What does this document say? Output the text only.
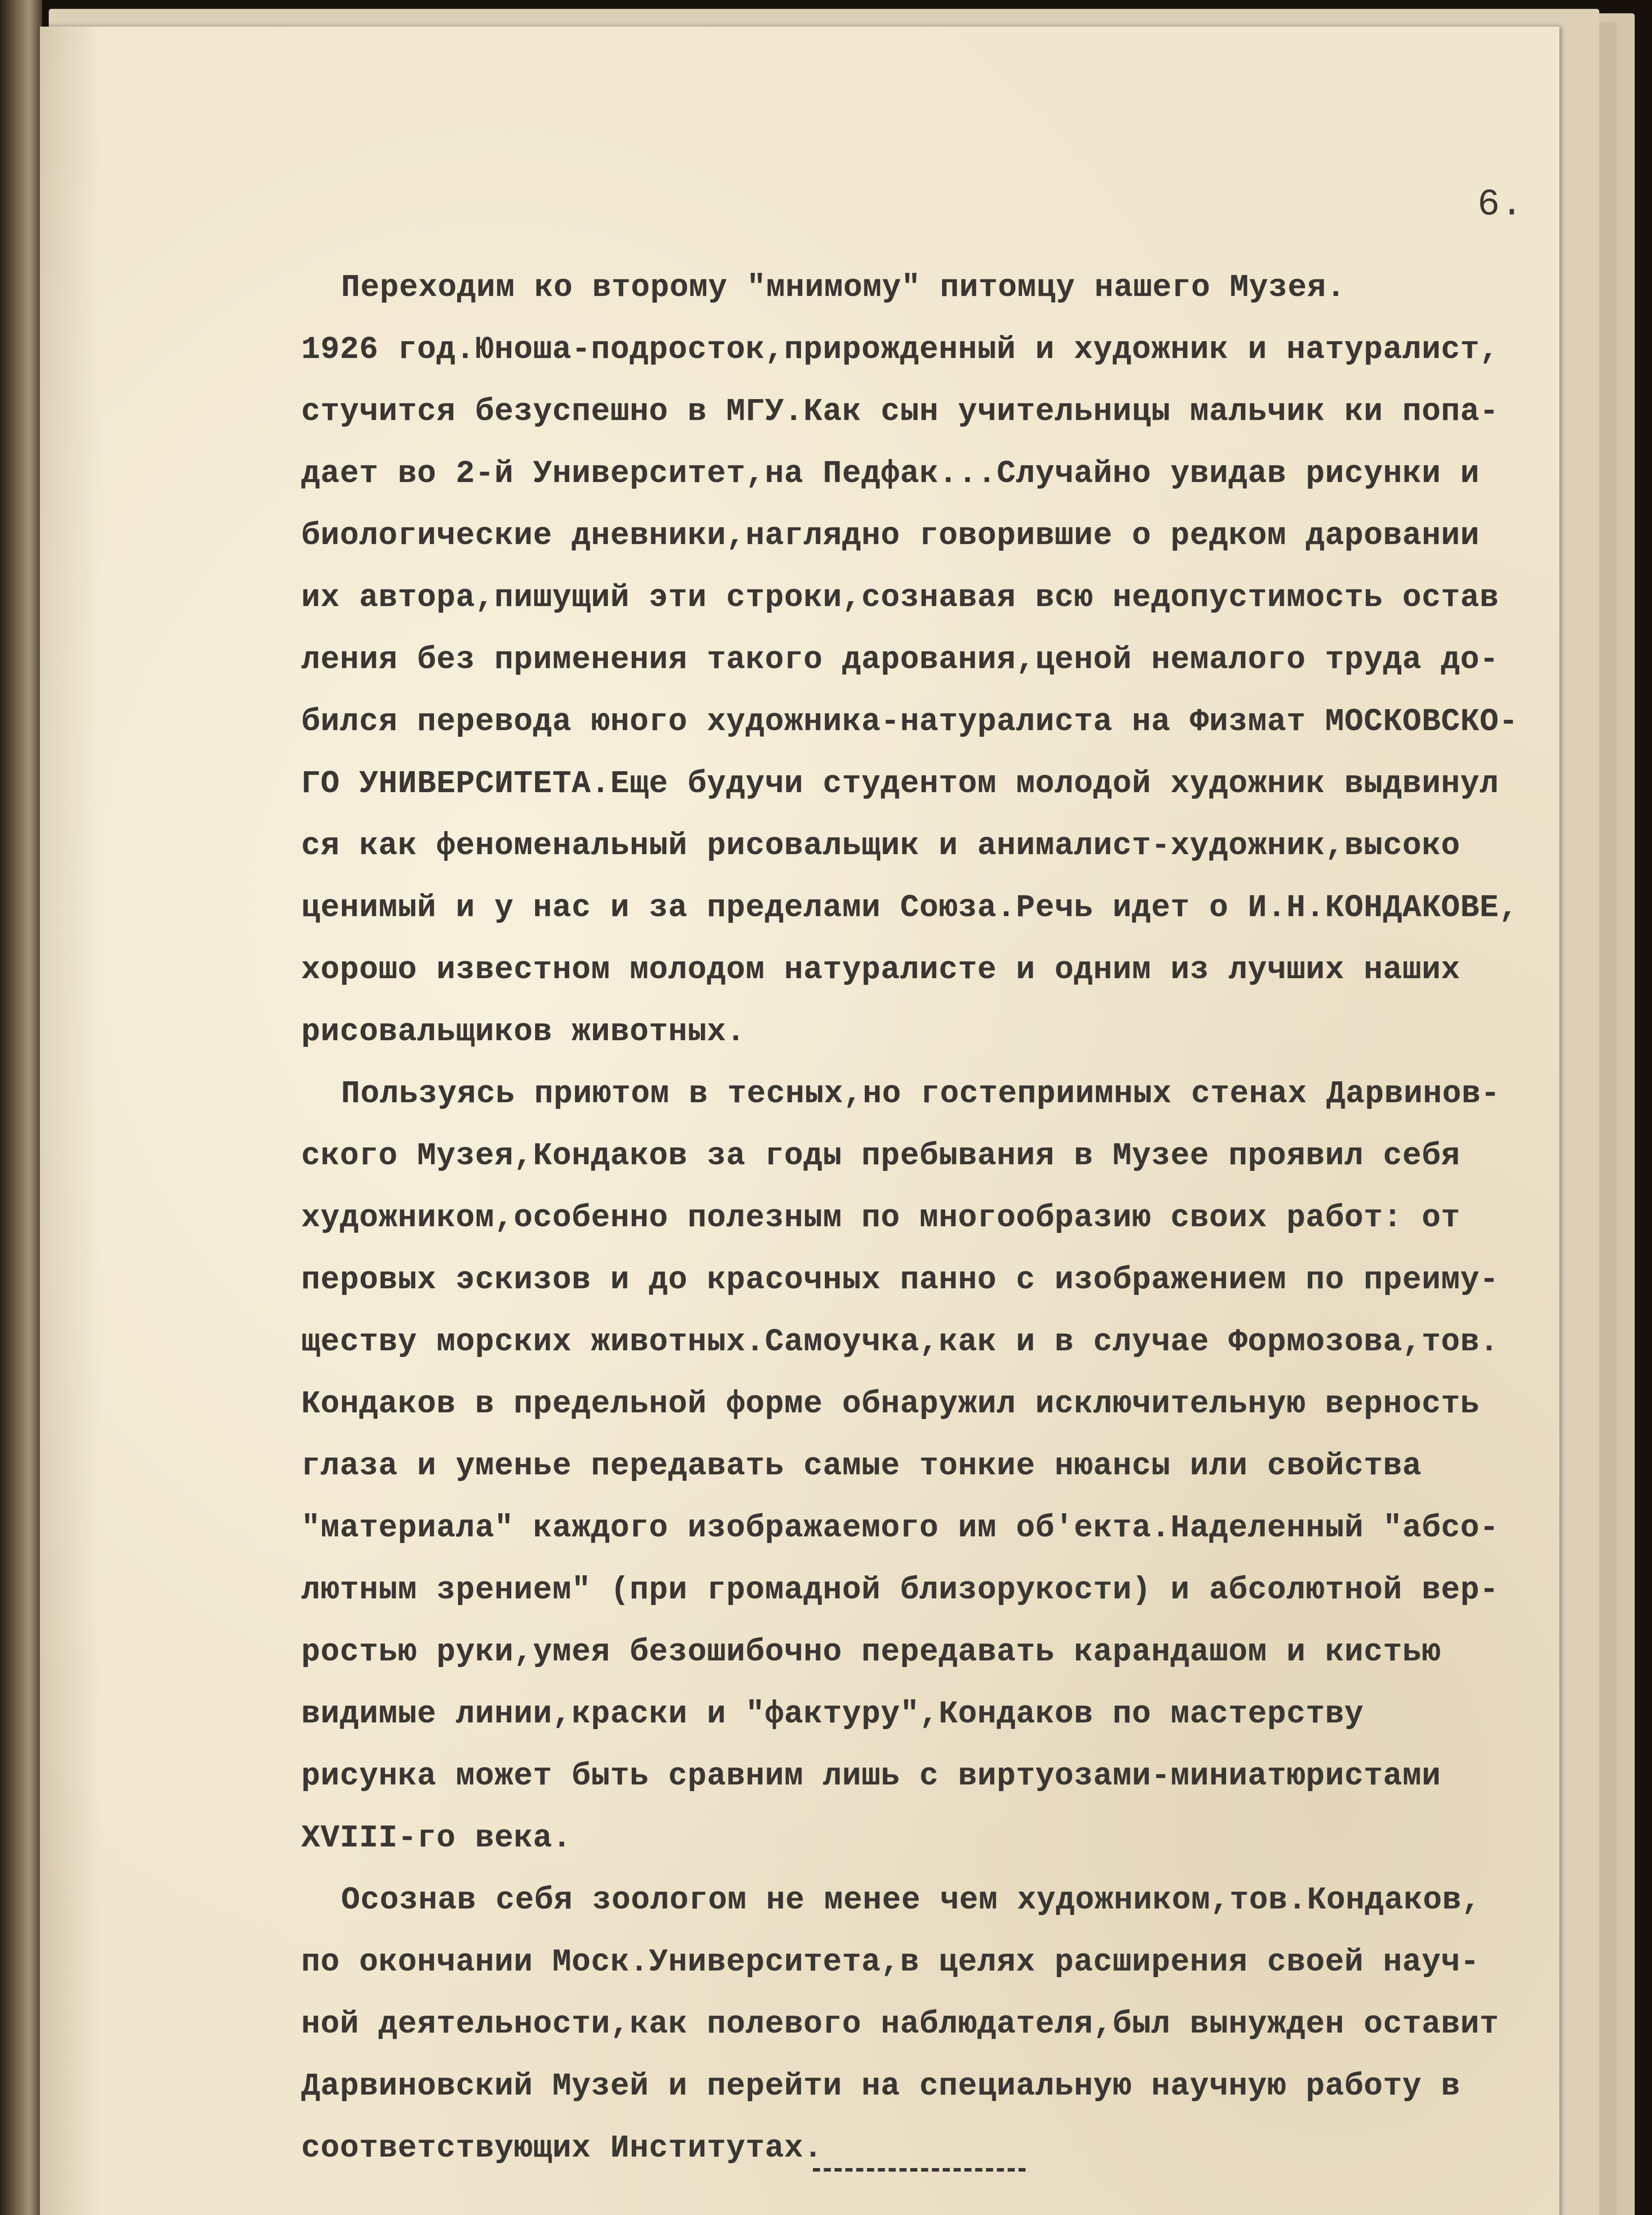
6.
Переходим ко второму "мнимому" питомцу нашего Музея.
1926 год.Юноша-подросток,прирожденный и художник и натуралист,
стучится безуспешно в МГУ.Как сын учительницы мальчик ки попа-
дает во 2-й Университет,на Педфак...Случайно увидав рисунки и
биологические дневники,наглядно говорившие о редком даровании
их автора,пишущий эти строки,сознавая всю недопустимость остав
ления без применения такого дарования,ценой немалого труда до-
бился перевода юного художника-натуралиста на Физмат МОСКОВСКО-
ГО УНИВЕРСИТЕТА.Еще будучи студентом молодой художник выдвинул
ся как феноменальный рисовальщик и анималист-художник,высоко
ценимый и у нас и за пределами Союза.Речь идет о И.Н.КОНДАКОВЕ,
хорошо известном молодом натуралисте и одним из лучших наших
рисовальщиков животных.
Пользуясь приютом в тесных,но гостеприимных стенах Дарвинов-
ского Музея,Кондаков за годы пребывания в Музее проявил себя
художником,особенно полезным по многообразию своих работ: от
перовых эскизов и до красочных панно с изображением по преиму-
ществу морских животных.Самоучка,как и в случае Формозова,тов.
Кондаков в предельной форме обнаружил исключительную верность
глаза и уменье передавать самые тонкие нюансы или свойства
"материала" каждого изображаемого им об'екта.Наделенный "абсо-
лютным зрением" (при громадной близорукости) и абсолютной вер-
ростью руки,умея безошибочно передавать карандашом и кистью
видимые линии,краски и "фактуру",Кондаков по мастерству
рисунка может быть сравним лишь с виртуозами-миниатюристами
XVIII-го века.
Осознав себя зоологом не менее чем художником,тов.Кондаков,
по окончании Моск.Университета,в целях расширения своей науч-
ной деятельности,как полевого наблюдателя,был вынужден оставит
Дарвиновский Музей и перейти на специальную научную работу в
соответствующих Институтах.
